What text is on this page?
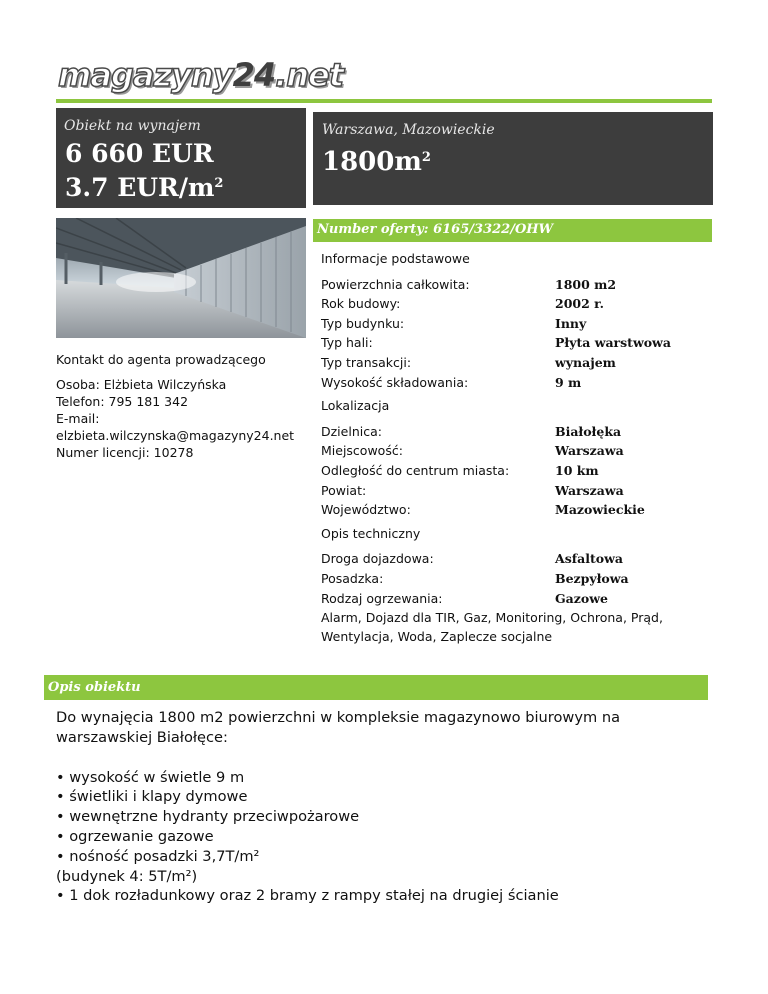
magazyny24.net
Obiekt na wynajem
6 660 EUR
3.7 EUR/$m^2$
Warszawa, Mazowieckie
$1800m^2$
Number oferty: 6165/3322/OHW
Kontakt do agenta prowadzącego
Osoba: Elżbieta Wilczyńska
Telefon: 795 181 342
E-mail:
elzbieta.wilczynska@magazyny24.net
Numer licencji: 10278
Informacje podstawowe
Powierzchnia całkowita:	1800 m2
Rok budowy:	2002 r.
Typ budynku:	Inny
Typ hali:	Płyta warstwowa
Typ transakcji:	wynajem
Wysokość składowania:	9 m
Lokalizacja
Dzielnica:	Białołęka
Miejscowość:	Warszawa
Odległość do centrum miasta:	10 km
Powiat:	Warszawa
Województwo:	Mazowieckie
Opis techniczny
Droga dojazdowa:	Asfaltowa
Posadzka:	Bezpyłowa
Rodzaj ogrzewania:	Gazowe
Alarm, Dojazd dla TIR, Gaz, Monitoring, Ochrona, Prąd, Wentylacja, Woda, Zaplecze socjalne
Opis obiektu

Do wynajęcia 1800 m2 powierzchni w kompleksie magazynowo biurowym na warszawskiej Białołęce:

• wysokość w świetle 9 m

• świetliki i klapy dymowe

• wewnętrzne hydranty przeciwpożarowe

• ogrzewanie gazowe

• nośność posadzki 3,7T/m²

(budynek 4: 5T/m²)

• 1 dok rozładunkowy oraz 2 bramy z rampy stałej na drugiej ścianie
